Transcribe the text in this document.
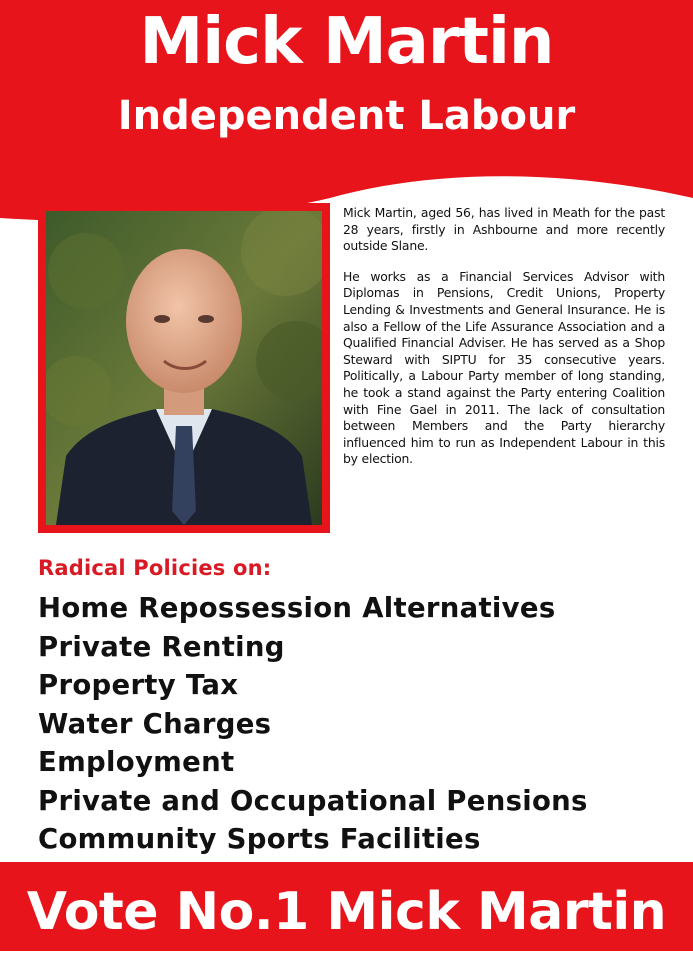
Mick Martin
Independent Labour

Mick Martin, aged 56, has lived in Meath for the past 28 years, firstly in Ashbourne and more recently outside Slane.

He works as a Financial Services Advisor with Diplomas in Pensions, Credit Unions, Property Lending & Investments and General Insurance. He is also a Fellow of the Life Assurance Association and a Qualified Financial Adviser. He has served as a Shop Steward with SIPTU for 35 consecutive years. Politically, a Labour Party member of long standing, he took a stand against the Party entering Coalition with Fine Gael in 2011. The lack of consultation between Members and the Party hierarchy influenced him to run as Independent Labour in this by election.

Radical Policies on:
Home Repossession Alternatives
Private Renting
Property Tax
Water Charges
Employment
Private and Occupational Pensions
Community Sports Facilities

Vote No.1 Mick Martin
